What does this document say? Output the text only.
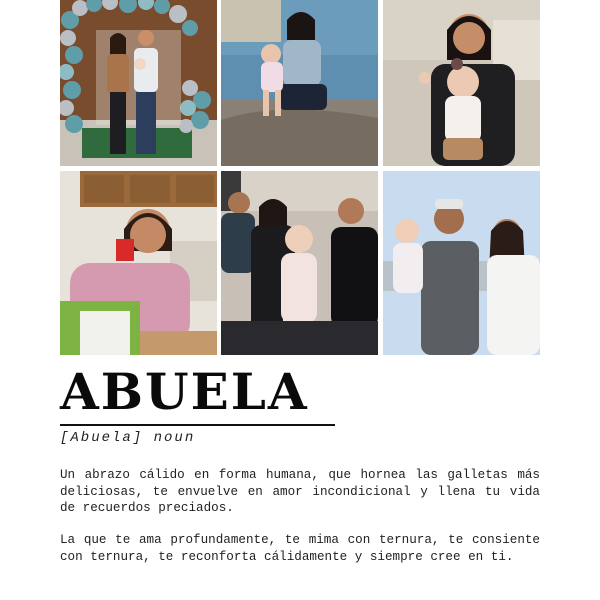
ABUELA
[Abuela] noun

Un abrazo cálido en forma humana, que hornea las galletas más deliciosas, te envuelve en amor incondicional y llena tu vida de recuerdos preciados.

La que te ama profundamente, te mima con ternura, te consiente con ternura, te reconforta cálidamente y siempre cree en ti.
